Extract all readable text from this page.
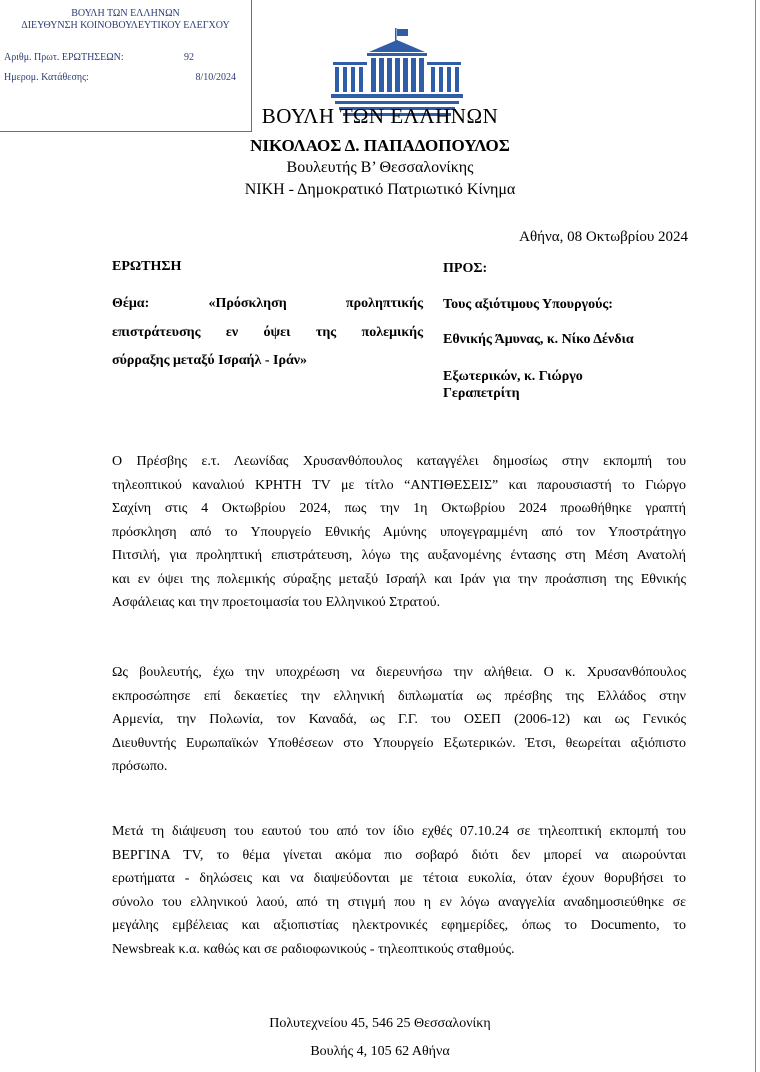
ΒΟΥΛΗ ΤΩΝ ΕΛΛΗΝΩΝ
ΔΙΕΥΘΥΝΣΗ ΚΟΙΝΟΒΟΥΛΕΥΤΙΚΟΥ ΕΛΕΓΧΟΥ
Αριθμ. Πρωτ. ΕΡΩΤΗΣΕΩΝ:	92
Ημερομ. Κατάθεσης:	8/10/2024
ΒΟΥΛΗ ΤΩΝ ΕΛΛΗΝΩΝ
ΝΙΚΟΛΑΟΣ Δ. ΠΑΠΑΔΟΠΟΥΛΟΣ
Βουλευτής Β’ Θεσσαλονίκης
ΝΙΚΗ - Δημοκρατικό Πατριωτικό Κίνημα
Αθήνα, 08 Οκτωβρίου 2024
ΕΡΩΤΗΣΗ	ΠΡΟΣ:
Θέμα: «Πρόσκληση προληπτικής
επιστράτευσης εν όψει της πολεμικής
σύρραξης μεταξύ Ισραήλ - Ιράν»
Τους αξιότιμους Υπουργούς:
Εθνικής Άμυνας, κ. Νίκο Δένδια
Εξωτερικών, κ. Γιώργο
Γεραπετρίτη
Ο Πρέσβης ε.τ. Λεωνίδας Χρυσανθόπουλος καταγγέλει δημοσίως στην εκπομπή του
τηλεοπτικού καναλιού ΚΡΗΤΗ TV με τίτλο “ΑΝΤΙΘΕΣΕΙΣ” και παρουσιαστή το Γιώργο
Σαχίνη στις 4 Οκτωβρίου 2024, πως την 1η Οκτωβρίου 2024 προωθήθηκε γραπτή
πρόσκληση από το Υπουργείο Εθνικής Αμύνης υπογεγραμμένη από τον Υποστράτηγο
Πιτσιλή, για προληπτική επιστράτευση, λόγω της αυξανομένης έντασης στη Μέση Ανατολή
και εν όψει της πολεμικής σύραξης μεταξύ Ισραήλ και Ιράν για την προάσπιση της Εθνικής
Ασφάλειας και την προετοιμασία του Ελληνικού Στρατού.
Ως βουλευτής, έχω την υποχρέωση να διερευνήσω την αλήθεια. Ο κ. Χρυσανθόπουλος
εκπροσώπησε επί δεκαετίες την ελληνική διπλωματία ως πρέσβης της Ελλάδος στην
Αρμενία, την Πολωνία, τον Καναδά, ως Γ.Γ. του ΟΣΕΠ (2006-12) και ως Γενικός
Διευθυντής Ευρωπαϊκών Υποθέσεων στο Υπουργείο Εξωτερικών. Έτσι, θεωρείται αξιόπιστο
πρόσωπο.
Μετά τη διάψευση του εαυτού του από τον ίδιο εχθές 07.10.24 σε τηλεοπτική εκπομπή του
ΒΕΡΓΙΝΑ TV, το θέμα γίνεται ακόμα πιο σοβαρό διότι δεν μπορεί να αιωρούνται
ερωτήματα - δηλώσεις και να διαψεύδονται με τέτοια ευκολία, όταν έχουν θορυβήσει το
σύνολο του ελληνικού λαού, από τη στιγμή που η εν λόγω αναγγελία αναδημοσιεύθηκε σε
μεγάλης εμβέλειας και αξιοπιστίας ηλεκτρονικές εφημερίδες, όπως το Documento, το
Newsbreak κ.α. καθώς και σε ραδιοφωνικούς - τηλεοπτικούς σταθμούς.
Πολυτεχνείου 45, 546 25 Θεσσαλονίκη
Βουλής 4, 105 62 Αθήνα
